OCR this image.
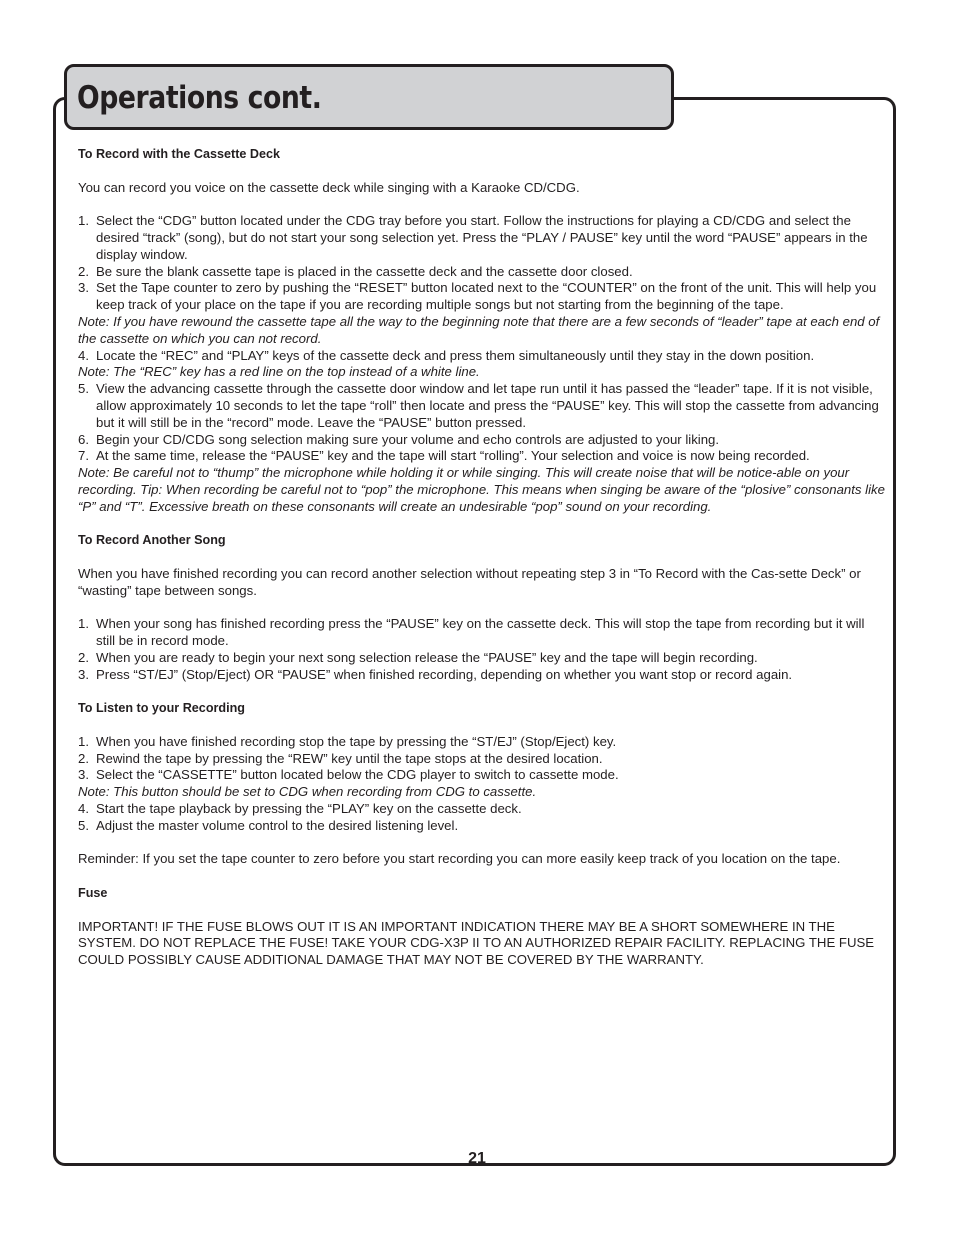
Operations cont.

To Record with the Cassette Deck

You can record you voice on the cassette deck while singing with a Karaoke CD/CDG.

1. Select the “CDG” button located under the CDG tray before you start. Follow the instructions for playing a CD/CDG and select the desired “track” (song), but do not start your song selection yet. Press the “PLAY / PAUSE” key until the word “PAUSE” appears in the display window.
2. Be sure the blank cassette tape is placed in the cassette deck and the cassette door closed.
3. Set the Tape counter to zero by pushing the “RESET” button located next to the “COUNTER” on the front of the unit. This will help you keep track of your place on the tape if you are recording multiple songs but not starting from the beginning of the tape.

Note: If you have rewound the cassette tape all the way to the beginning note that there are a few seconds of “leader” tape at each end of the cassette on which you can not record.

4. Locate the “REC” and “PLAY” keys of the cassette deck and press them simultaneously until they stay in the down position.

Note: The “REC” key has a red line on the top instead of a white line.

5. View the advancing cassette through the cassette door window and let tape run until it has passed the “leader” tape. If it is not visible, allow approximately 10 seconds to let the tape “roll” then locate and press the “PAUSE” key. This will stop the cassette from advancing but it will still be in the “record” mode. Leave the “PAUSE” button pressed.
6. Begin your CD/CDG song selection making sure your volume and echo controls are adjusted to your liking.
7. At the same time, release the “PAUSE” key and the tape will start “rolling”. Your selection and voice is now being recorded.

Note: Be careful not to “thump” the microphone while holding it or while singing. This will create noise that will be notice-able on your recording. Tip: When recording be careful not to “pop” the microphone. This means when singing be aware of the “plosive” consonants like “P” and “T”. Excessive breath on these consonants will create an undesirable “pop” sound on your recording.

To Record Another Song

When you have finished recording you can record another selection without repeating step 3 in “To Record with the Cas-sette Deck” or “wasting” tape between songs.

1. When your song has finished recording press the “PAUSE” key on the cassette deck. This will stop the tape from recording but it will still be in record mode.
2. When you are ready to begin your next song selection release the “PAUSE” key and the tape will begin recording.
3. Press “ST/EJ” (Stop/Eject) OR “PAUSE” when finished recording, depending on whether you want stop or record again.

To Listen to your Recording

1. When you have finished recording stop the tape by pressing the “ST/EJ” (Stop/Eject) key.
2. Rewind the tape by pressing the “REW” key until the tape stops at the desired location.
3. Select the “CASSETTE” button located below the CDG player to switch to cassette mode.

Note: This button should be set to CDG when recording from CDG to cassette.

4. Start the tape playback by pressing the “PLAY” key on the cassette deck.
5. Adjust the master volume control to the desired listening level.

Reminder: If you set the tape counter to zero before you start recording you can more easily keep track of you location on the tape.

Fuse

IMPORTANT! IF THE FUSE BLOWS OUT IT IS AN IMPORTANT INDICATION THERE MAY BE A SHORT SOMEWHERE IN THE SYSTEM. DO NOT REPLACE THE FUSE! TAKE YOUR CDG-X3P II TO AN AUTHORIZED REPAIR FACILITY. REPLACING THE FUSE COULD POSSIBLY CAUSE ADDITIONAL DAMAGE THAT MAY NOT BE COVERED BY THE WARRANTY.

21
